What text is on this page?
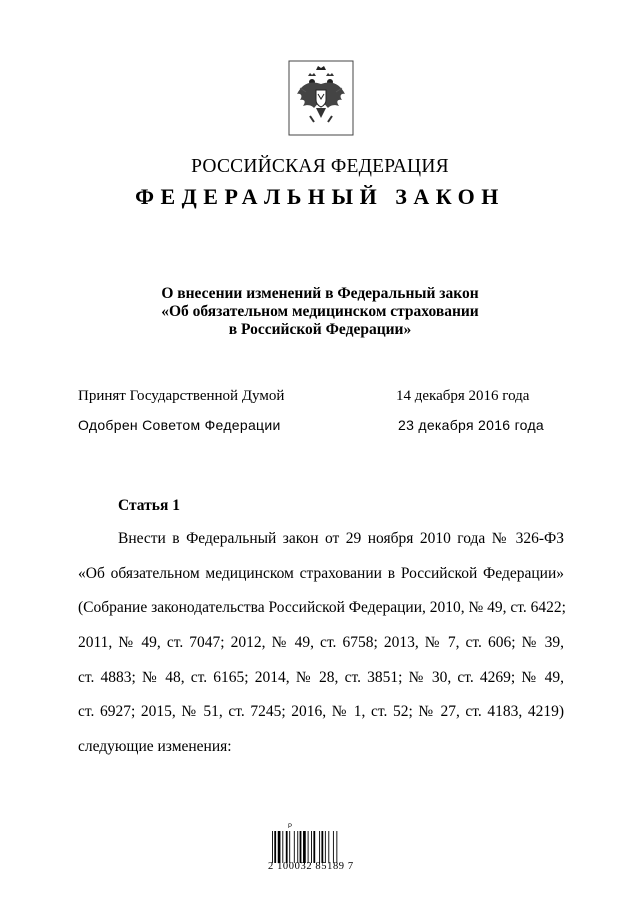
РОССИЙСКАЯ ФЕДЕРАЦИЯ
ФЕДЕРАЛЬНЫЙ ЗАКОН
О внесении изменений в Федеральный закон
«Об обязательном медицинском страховании
в Российской Федерации»
Принят Государственной Думой	14 декабря 2016 года
Одобрен Советом Федерации	23 декабря 2016 года
Статья 1
Внести в Федеральный закон от 29 ноября 2010 года № 326-ФЗ
«Об обязательном медицинском страховании в Российской Федерации»
(Собрание законодательства Российской Федерации, 2010, № 49, ст. 6422;
2011, № 49, ст. 7047; 2012, № 49, ст. 6758; 2013, № 7, ст. 606; № 39,
ст. 4883; № 48, ст. 6165; 2014, № 28, ст. 3851; № 30, ст. 4269; № 49,
ст. 6927; 2015, № 51, ст. 7245; 2016, № 1, ст. 52; № 27, ст. 4183, 4219)
следующие изменения:
Р
2 100032 85189 7
